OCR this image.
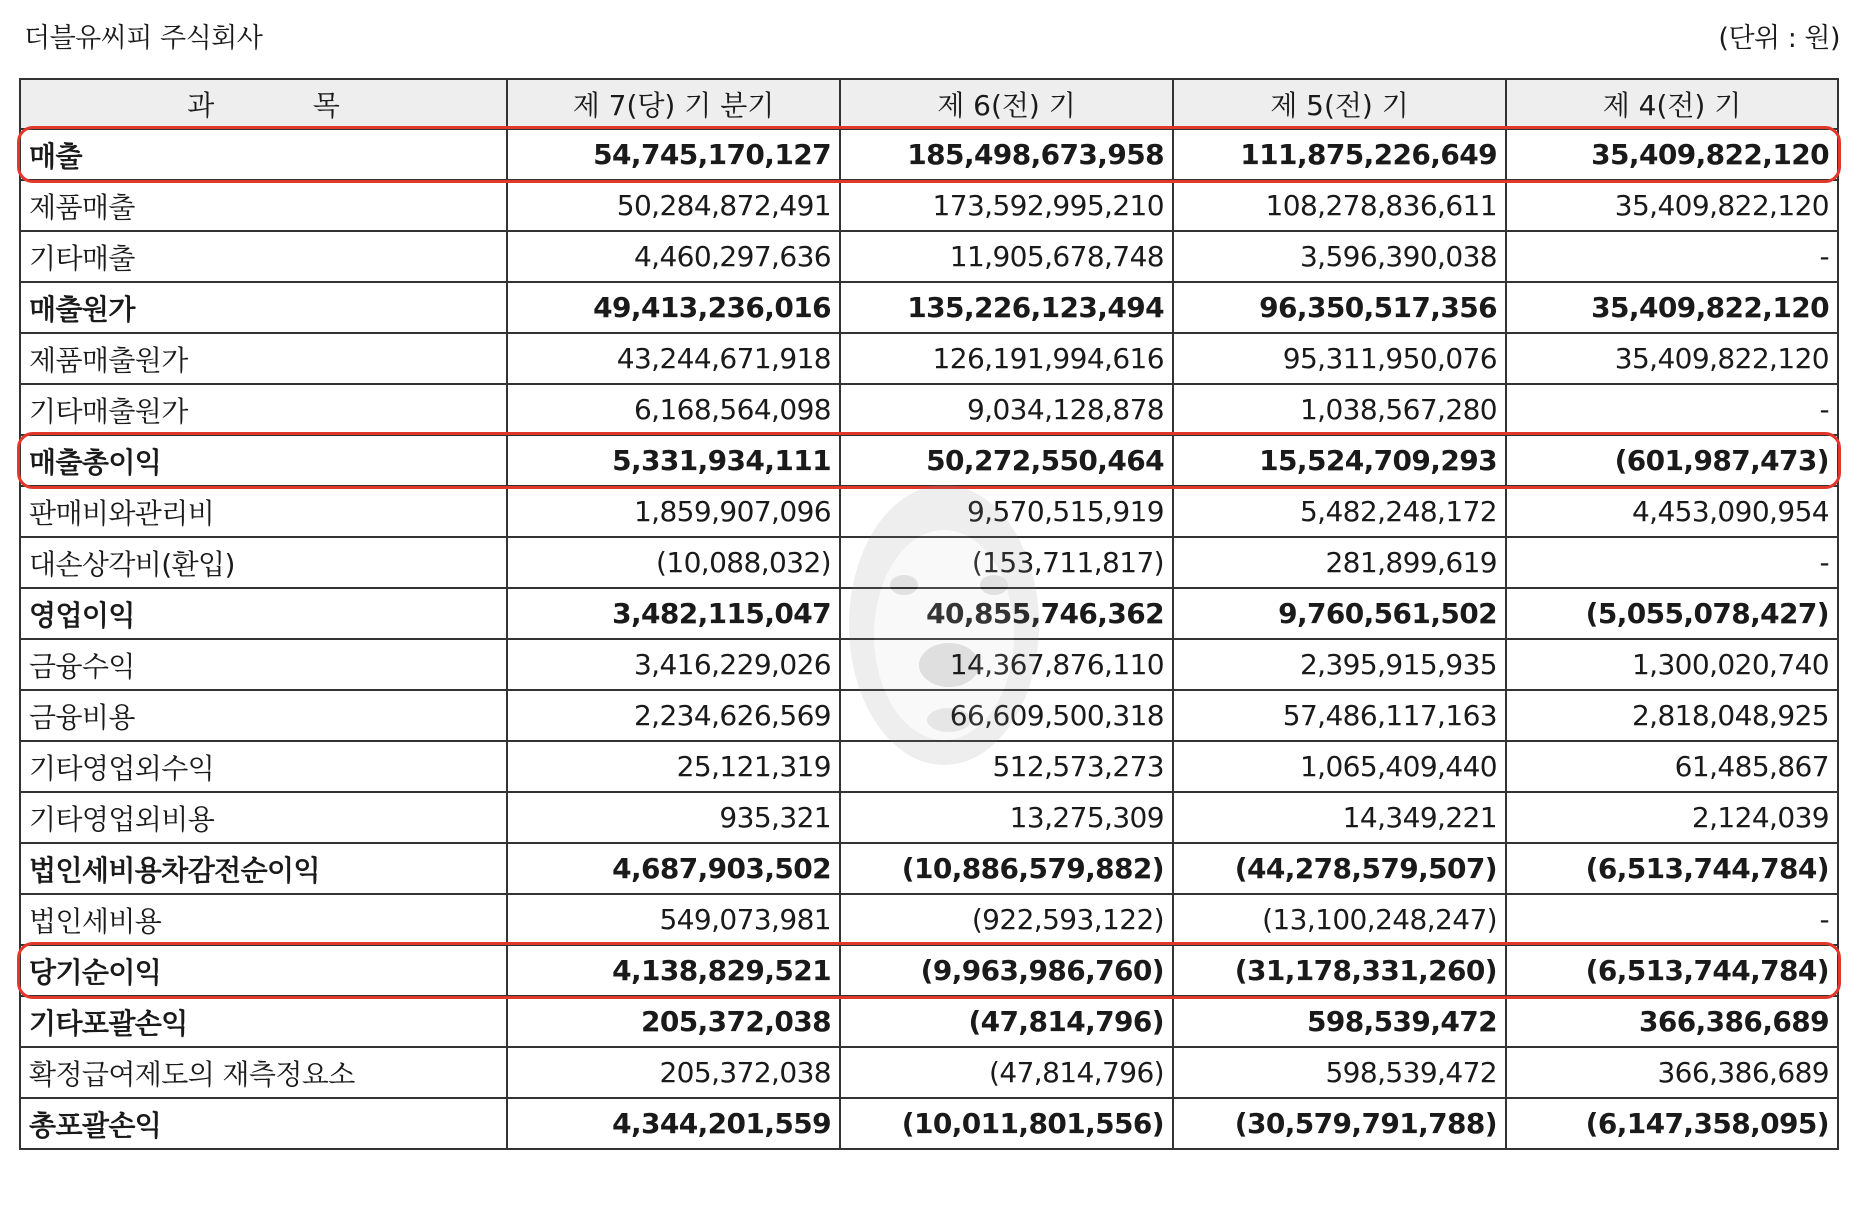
더블유씨피 주식회사	(단위 : 원)
과 목	제 7(당) 기 분기	제 6(전) 기	제 5(전) 기	제 4(전) 기
매출	54,745,170,127	185,498,673,958	111,875,226,649	35,409,822,120
제품매출	50,284,872,491	173,592,995,210	108,278,836,611	35,409,822,120
기타매출	4,460,297,636	11,905,678,748	3,596,390,038	-
매출원가	49,413,236,016	135,226,123,494	96,350,517,356	35,409,822,120
제품매출원가	43,244,671,918	126,191,994,616	95,311,950,076	35,409,822,120
기타매출원가	6,168,564,098	9,034,128,878	1,038,567,280	-
매출총이익	5,331,934,111	50,272,550,464	15,524,709,293	(601,987,473)
판매비와관리비	1,859,907,096	9,570,515,919	5,482,248,172	4,453,090,954
대손상각비(환입)	(10,088,032)	(153,711,817)	281,899,619	-
영업이익	3,482,115,047	40,855,746,362	9,760,561,502	(5,055,078,427)
금융수익	3,416,229,026	14,367,876,110	2,395,915,935	1,300,020,740
금융비용	2,234,626,569	66,609,500,318	57,486,117,163	2,818,048,925
기타영업외수익	25,121,319	512,573,273	1,065,409,440	61,485,867
기타영업외비용	935,321	13,275,309	14,349,221	2,124,039
법인세비용차감전순이익	4,687,903,502	(10,886,579,882)	(44,278,579,507)	(6,513,744,784)
법인세비용	549,073,981	(922,593,122)	(13,100,248,247)	-
당기순이익	4,138,829,521	(9,963,986,760)	(31,178,331,260)	(6,513,744,784)
기타포괄손익	205,372,038	(47,814,796)	598,539,472	366,386,689
확정급여제도의 재측정요소	205,372,038	(47,814,796)	598,539,472	366,386,689
총포괄손익	4,344,201,559	(10,011,801,556)	(30,579,791,788)	(6,147,358,095)
